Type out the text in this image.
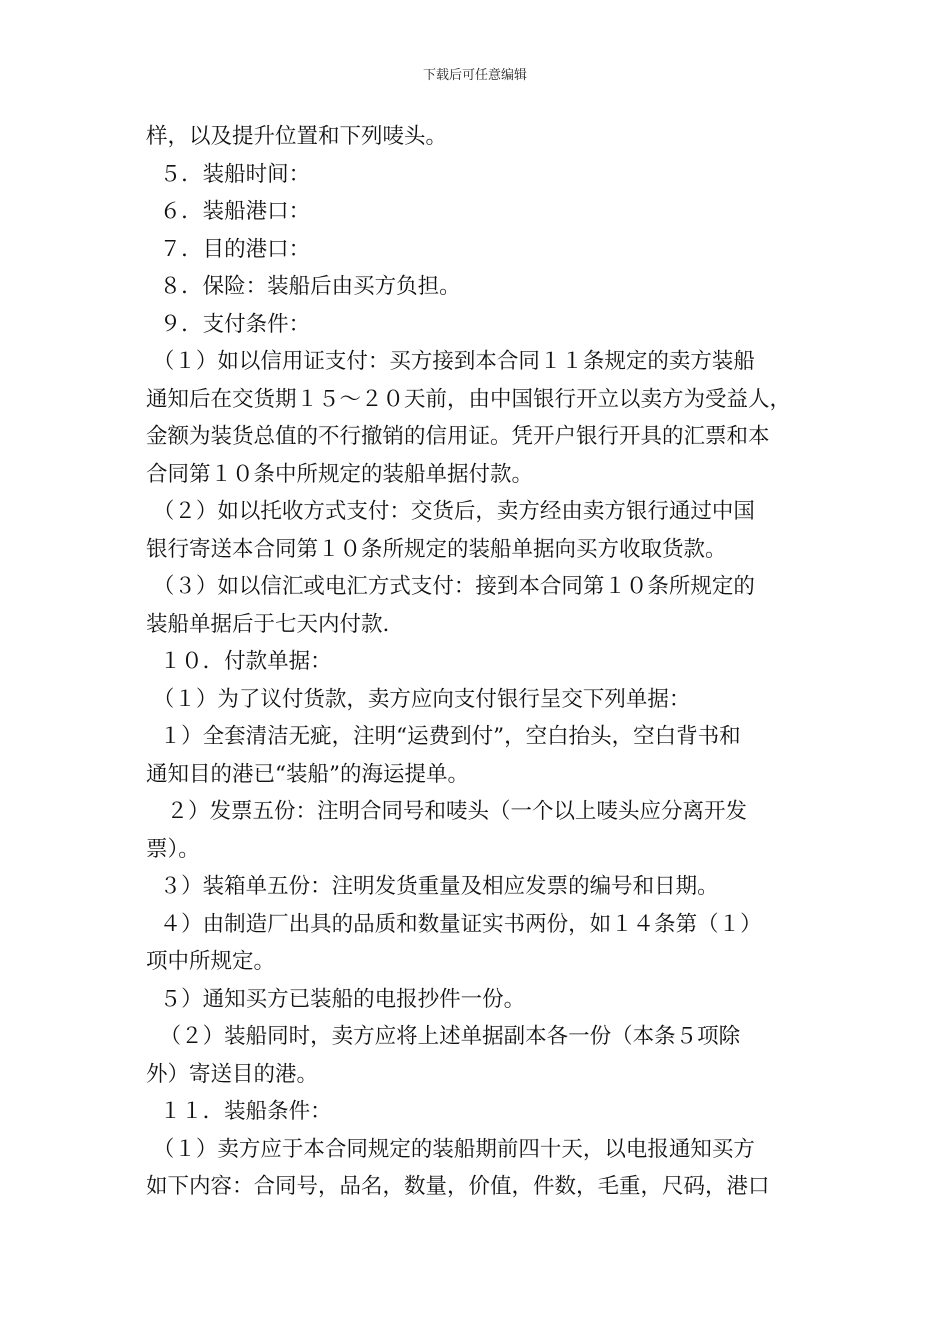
下载后可任意编辑
样，以及提升位置和下列唛头。
５．装船时间：
６．装船港口：
７．目的港口：
８．保险：装船后由买方负担。
９．支付条件：
（１）如以信用证支付：买方接到本合同１１条规定的卖方装船
通知后在交货期１５～２０天前，由中国银行开立以卖方为受益人，
金额为装货总值的不行撤销的信用证。凭开户银行开具的汇票和本
合同第１０条中所规定的装船单据付款。
（２）如以托收方式支付：交货后，卖方经由卖方银行通过中国
银行寄送本合同第１０条所规定的装船单据向买方收取货款。
（３）如以信汇或电汇方式支付：接到本合同第１０条所规定的
装船单据后于七天内付款.
１０．付款单据：
（１）为了议付货款，卖方应向支付银行呈交下列单据：
１）全套清洁无疵，注明“运费到付”，空白抬头，空白背书和
通知目的港已“装船”的海运提单。
２）发票五份：注明合同号和唛头（一个以上唛头应分离开发
票）。
３）装箱单五份：注明发货重量及相应发票的编号和日期。
４）由制造厂出具的品质和数量证实书两份，如１４条第（１）
项中所规定。
５）通知买方已装船的电报抄件一份。
（２）装船同时，卖方应将上述单据副本各一份（本条５项除
外）寄送目的港。
１１．装船条件：
（１）卖方应于本合同规定的装船期前四十天，以电报通知买方
如下内容：合同号，品名，数量，价值，件数，毛重，尺码，港口
